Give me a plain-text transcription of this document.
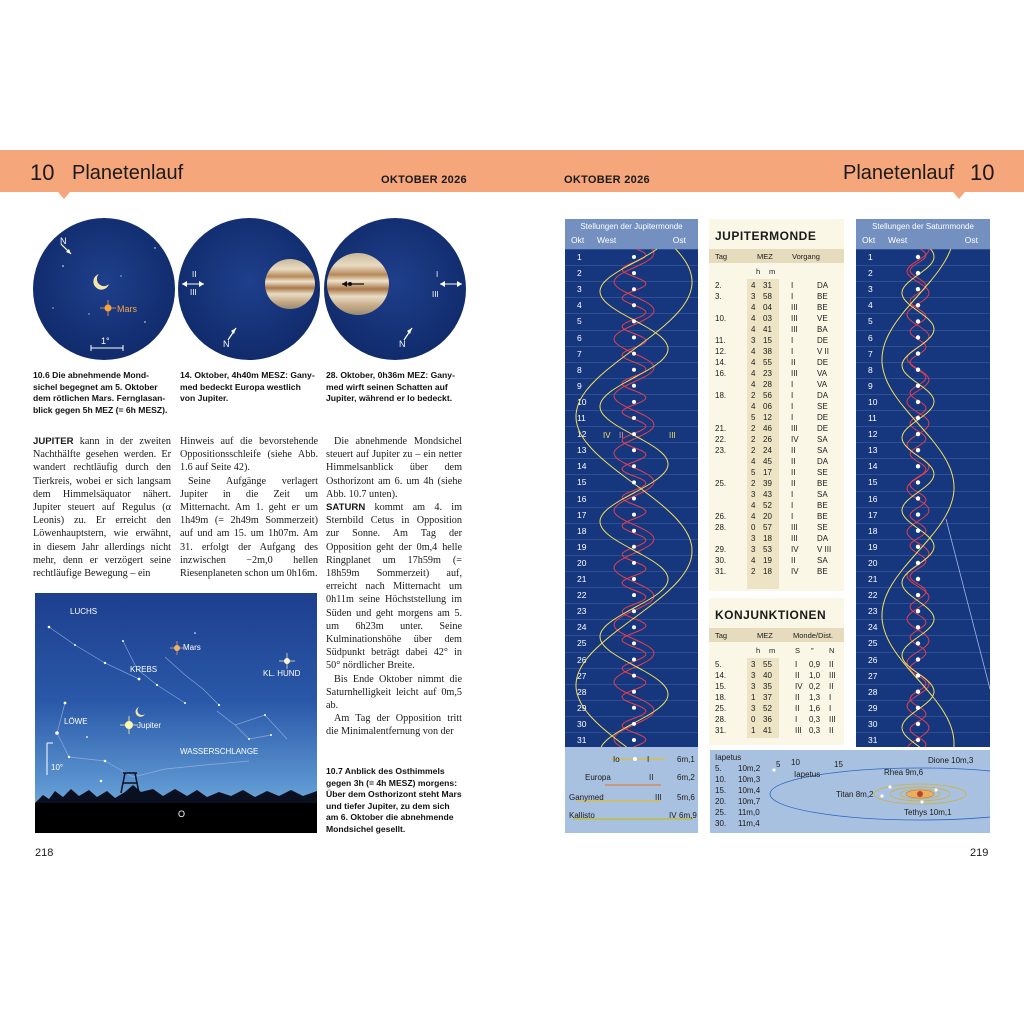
10 Planetenlauf	OKTOBER 2026	OKTOBER 2026	Planetenlauf 10
N
Mars
1°
II
III
N
I
III
N
10.6 Die abnehmende Mond-
sichel begegnet am 5. Oktober
dem rötlichen Mars. Fernglasan-
blick gegen 5h MEZ (= 6h MESZ).
14. Oktober, 4h40m MESZ: Gany-
med bedeckt Europa westlich
von Jupiter.
28. Oktober, 0h36m MEZ: Gany-
med wirft seinen Schatten auf
Jupiter, während er Io bedeckt.

JUPITER kann in der zweiten Nachthälfte gesehen werden. Er wandert rechtläufig durch den Tierkreis, wobei er sich langsam dem Himmelsäquator nähert. Jupiter steuert auf Regulus (α Leonis) zu. Er erreicht den Löwenhauptstern, wie erwähnt, in diesem Jahr allerdings nicht mehr, denn er verzögert seine rechtläufige Bewegung – ein

Hinweis auf die bevorstehende Oppositionsschleife (siehe Abb. 1.6 auf Seite 42).

Seine Aufgänge verlagert Jupiter in die Zeit um Mitternacht. Am 1. geht er um 1h49m (= 2h49m Sommerzeit) auf und am 15. um 1h07m. Am 31. erfolgt der Aufgang des inzwischen −2m,0 hellen Riesenplaneten schon um 0h16m.

Die abnehmende Mondsichel steuert auf Jupiter zu – ein netter Himmelsanblick über dem Osthorizont am 6. um 4h (siehe Abb. 10.7 unten).

SATURN kommt am 4. im Sternbild Cetus in Opposition zur Sonne. Am Tag der Opposition geht der 0m,4 helle Ringplanet um 17h59m (= 18h59m Sommerzeit) auf, erreicht nach Mitternacht um 0h11m seine Höchststellung im Süden und geht morgens am 5. um 6h23m unter. Seine Kulminationshöhe über dem Südpunkt beträgt dabei 42° in 50° nördlicher Breite.

Bis Ende Oktober nimmt die Saturnhelligkeit leicht auf 0m,5 ab.

Am Tag der Opposition tritt die Minimalentfernung von der

LUCHS
Mars
KREBS	KL. HUND
LÖWE	Jupiter
WASSERSCHLANGE
10°
O
10.7 Anblick des Osthimmels
gegen 3h (= 4h MESZ) morgens:
Über dem Osthorizont steht Mars
und tiefer Jupiter, zu dem sich
am 6. Oktober die abnehmende
Mondsichel gesellt.
218	219
Stellungen der Jupitermonde
Okt West	Ost
1
2
3
4
5
6
7
8
9
10
11
12
13
14
15
16
17
18
19
20
21
22
23
24
25
26
27
28
29
30
31
IV II	III
Io	I	6m,1
Europa	II	6m,2
Ganymed	III 5m,6
Kallisto	IV 6m,9
JUPITERMONDE
Tag	MEZ	Vorgang
h m
2.	4 31 I	DA
3.	3 58 I	BE
4 04 III BE
10.	4 03 III VE
4 41 III BA
11.	3 15 I	DE
12.	4 38 I	V II
14.	4 55 II	DE
16.	4 23 III VA
4 28 I	VA
18.	2 56 I	DA
4 06 I	SE
5 12 I	DE
21.	2 46 III DE
22.	2 26 IV SA
23.	2 24 II	SA
4 45 II	DA
5 17 II	SE
25.	2 39 II	BE
3 43 I	SA
4 52 I	BE
26.	4 20 I	BE
28.	0 57 III SE
3 18 III DA
29.	3 53 IV V III
30.	4 19 II	SA
31.	2 18 IV BE
KONJUNKTIONEN
Tag	MEZ	Monde/Dist.
h m	S ″ N
5.	3 55	I 0,9 II
14.	3 40	II 1,0 III
15.	3 35	IV 0,2 II
18.	1 37	II 1,3 I
25.	3 52	II 1,6 I
28.	0 36	I 0,3 III
31.	1 41	III 0,3 II
Stellungen der Saturnmonde
Okt West	Ost
1
2
3
4
5
6
7
8
9
10
11
12
13
14
15
16
17
18
19
20
21
22
23
24
25
26
27
28
29
30
31
Iapetus
5. 10m,2
10. 10m,3
15. 10m,4
20. 10m,7
25. 11m,0
30. 11m,4
5 10	15
Iapetus	Rhea 9m,6
Dione 10m,3
Titan 8m,2
Tethys 10m,1
